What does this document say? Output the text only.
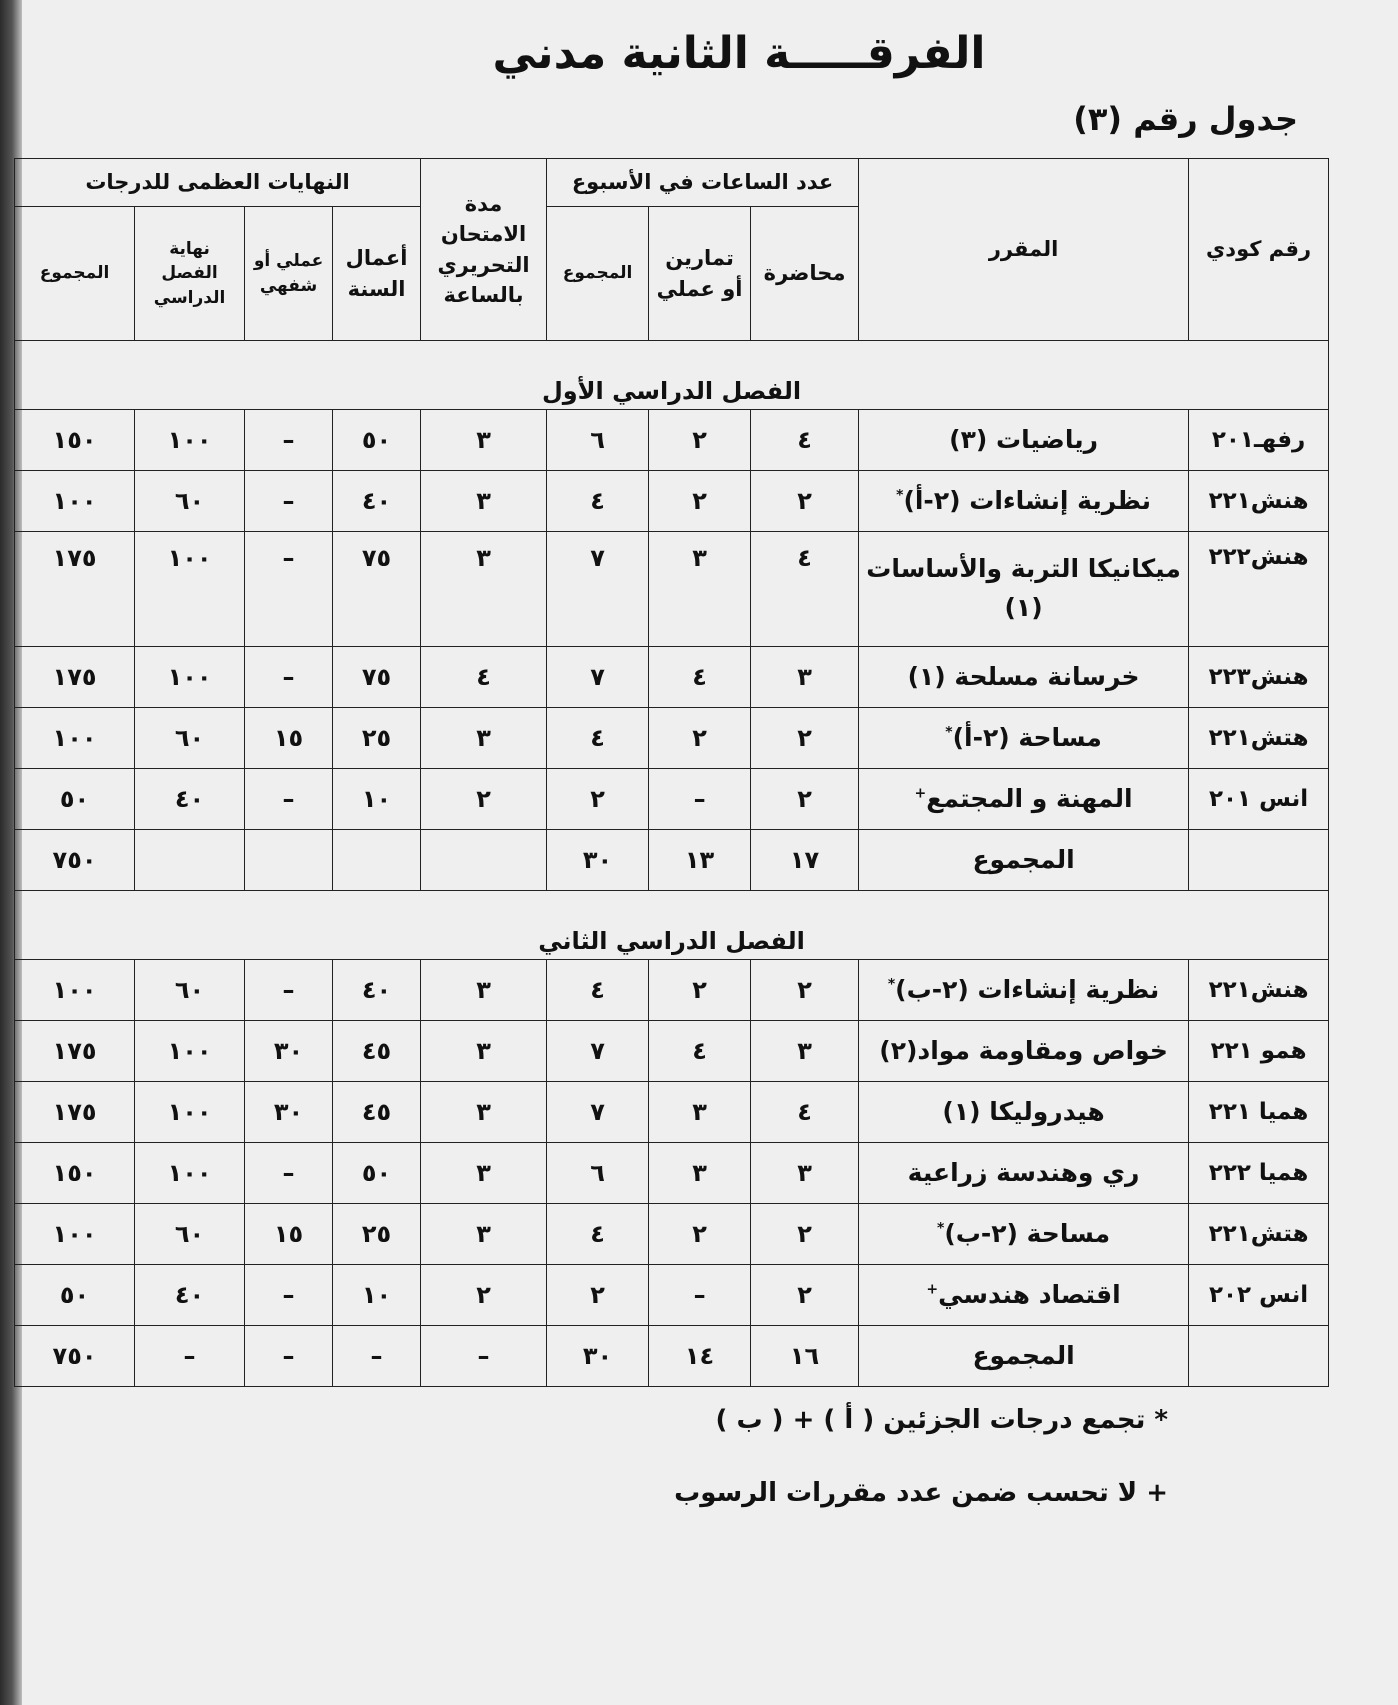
الفرقـــــة الثانية مدني
جدول رقم (٣)
رقم كودي	المقرر	عدد الساعات في الأسبوع			مدة الامتحان التحريري بالساعة	النهايات العظمى للدرجات			
		محاضرة	تمارين أو عملي	المجموع		أعمال السنة	عملي أو شفهي	نهاية الفصل الدراسي	المجموع
الفصل الدراسي الأول									
رفهـ٢٠١	رياضيات (٣)	٤	٢	٦	٣	٥٠	–	١٠٠	١٥٠
هنش٢٢١	نظرية إنشاءات (٢-أ)*	٢	٢	٤	٣	٤٠	–	٦٠	١٠٠
هنش٢٢٢	ميكانيكا التربة والأساسات (١)	٤	٣	٧	٣	٧٥	–	١٠٠	١٧٥
هنش٢٢٣	خرسانة مسلحة (١)	٣	٤	٧	٤	٧٥	–	١٠٠	١٧٥
هتش٢٢١	مساحة (٢-أ)*	٢	٢	٤	٣	٢٥	١٥	٦٠	١٠٠
انس ٢٠١	المهنة و المجتمع+	٢	–	٢	٢	١٠	–	٤٠	٥٠
	المجموع	١٧	١٣	٣٠					٧٥٠
الفصل الدراسي الثاني									
هنش٢٢١	نظرية إنشاءات (٢-ب)*	٢	٢	٤	٣	٤٠	–	٦٠	١٠٠
همو ٢٢١	خواص ومقاومة مواد(٢)	٣	٤	٧	٣	٤٥	٣٠	١٠٠	١٧٥
هميا ٢٢١	هيدروليكا (١)	٤	٣	٧	٣	٤٥	٣٠	١٠٠	١٧٥
هميا ٢٢٢	ري وهندسة زراعية	٣	٣	٦	٣	٥٠	–	١٠٠	١٥٠
هتش٢٢١	مساحة (٢-ب)*	٢	٢	٤	٣	٢٥	١٥	٦٠	١٠٠
انس ٢٠٢	اقتصاد هندسي+	٢	–	٢	٢	١٠	–	٤٠	٥٠
	المجموع	١٦	١٤	٣٠	–	–	–	–	٧٥٠
* تجمع درجات الجزئين ( أ ) + ( ب )
+ لا تحسب ضمن عدد مقررات الرسوب
